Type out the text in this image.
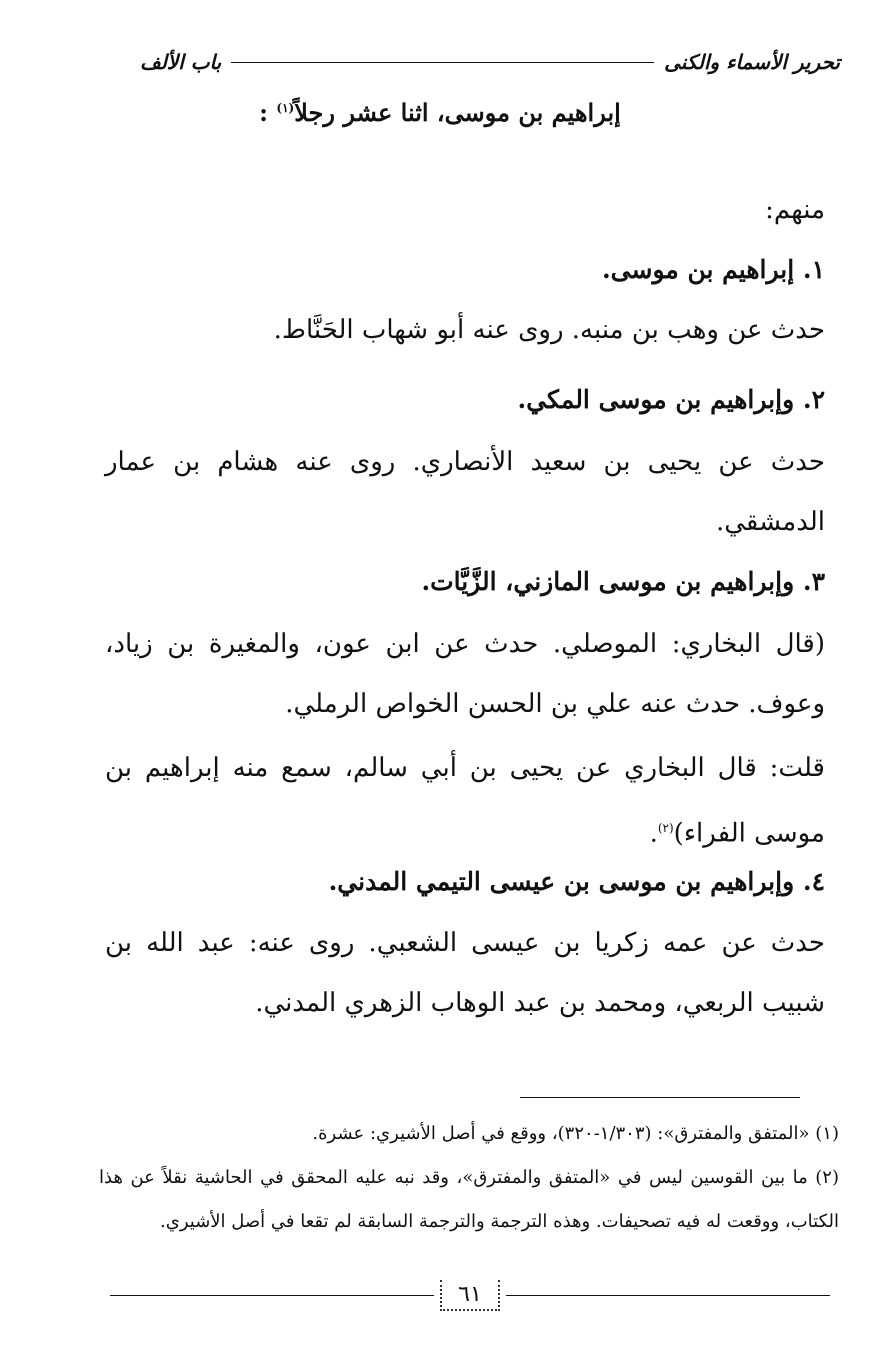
تحرير الأسماء والكنى
باب الألف
إبراهيم بن موسى، اثنا عشر رجلاً$^{(١)}$ :
منهم:
١. إبراهيم بن موسى.
حدث عن وهب بن منبه. روى عنه أبو شهاب الحَنَّاط.
٢. وإبراهيم بن موسى المكي.
حدث عن يحيى بن سعيد الأنصاري. روى عنه هشام بن عمار الدمشقي.
٣. وإبراهيم بن موسى المازني، الزَّيَّات.
(قال البخاري: الموصلي. حدث عن ابن عون، والمغيرة بن زياد، وعوف. حدث عنه علي بن الحسن الخواص الرملي.
قلت: قال البخاري عن يحيى بن أبي سالم، سمع منه إبراهيم بن موسى الفراء)$^{(٢)}$.
٤. وإبراهيم بن موسى بن عيسى التيمي المدني.
حدث عن عمه زكريا بن عيسى الشعبي. روى عنه: عبد الله بن شبيب الربعي، ومحمد بن عبد الوهاب الزهري المدني.

(١) «المتفق والمفترق»: (١/٣٠٣-٣٢٠)، ووقع في أصل الأشيري: عشرة.

(٢) ما بين القوسين ليس في «المتفق والمفترق»، وقد نبه عليه المحقق في الحاشية نقلاً عن هذا الكتاب، ووقعت له فيه تصحيفات. وهذه الترجمة والترجمة السابقة لم تقعا في أصل الأشيري.

٦١
